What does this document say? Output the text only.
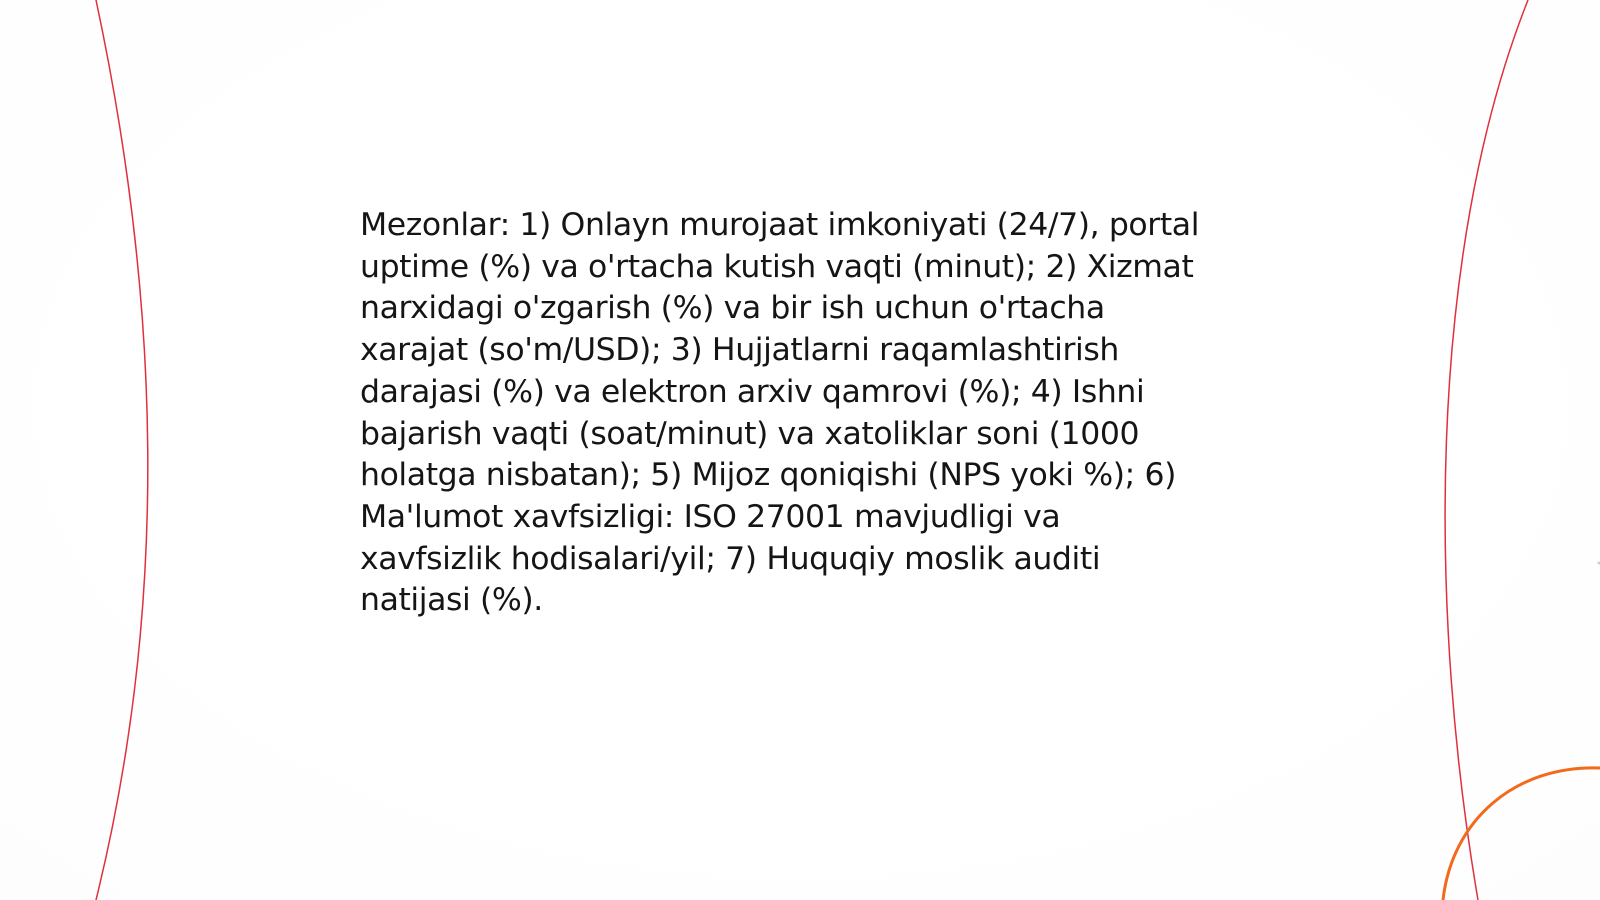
Mezonlar: 1) Onlayn murojaat imkoniyati (24/7), portal
uptime (%) va o'rtacha kutish vaqti (minut); 2) Xizmat
narxidagi o'zgarish (%) va bir ish uchun o'rtacha
xarajat (so'm/USD); 3) Hujjatlarni raqamlashtirish
darajasi (%) va elektron arxiv qamrovi (%); 4) Ishni
bajarish vaqti (soat/minut) va xatoliklar soni (1000
holatga nisbatan); 5) Mijoz qoniqishi (NPS yoki %); 6)
Ma'lumot xavfsizligi: ISO 27001 mavjudligi va
xavfsizlik hodisalari/yil; 7) Huquqiy moslik auditi
natijasi (%).
